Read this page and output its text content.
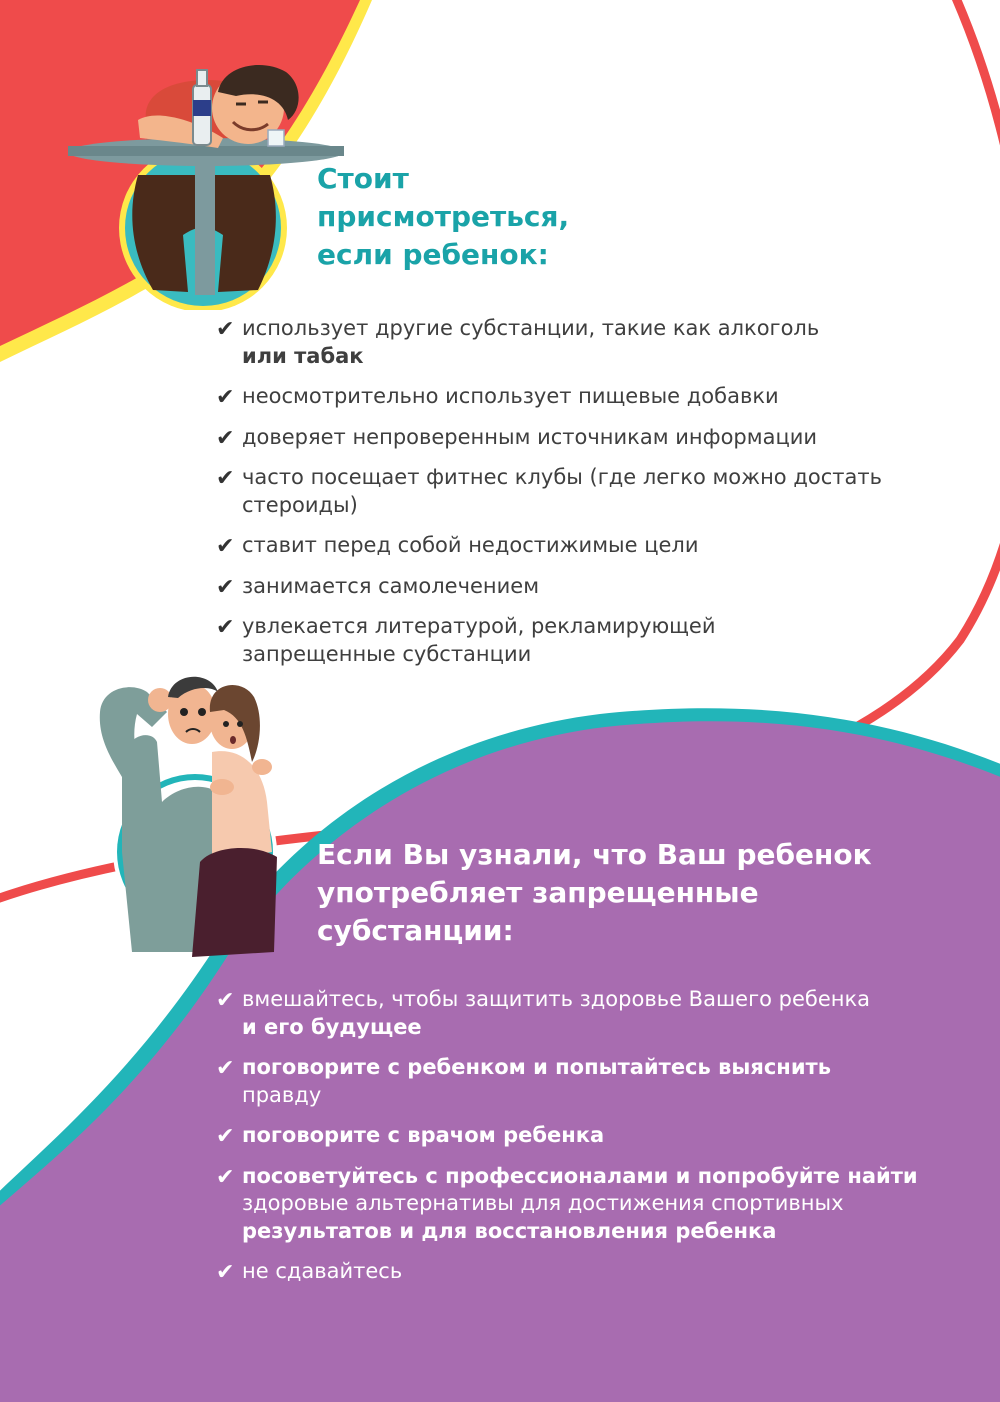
Стоит
присмотреться,
если ребенок:
✔ использует другие субстанции, такие как алкоголь
или табак
✔ неосмотрительно использует пищевые добавки
✔ доверяет непроверенным источникам информации
✔ часто посещает фитнес клубы (где легко можно достать
стероиды)
✔ ставит перед собой недостижимые цели
✔ занимается самолечением
✔ увлекается литературой, рекламирующей
запрещенные субстанции
Если Вы узнали, что Ваш ребенок
употребляет запрещенные
субстанции:
✔ вмешайтесь, чтобы защитить здоровье Вашего ребенка
и его будущее
✔ поговорите с ребенком и попытайтесь выяснить
правду
✔ поговорите с врачом ребенка
✔ посоветуйтесь с профессионалами и попробуйте найти
здоровые альтернативы для достижения спортивных
результатов и для восстановления ребенка
✔ не сдавайтесь
